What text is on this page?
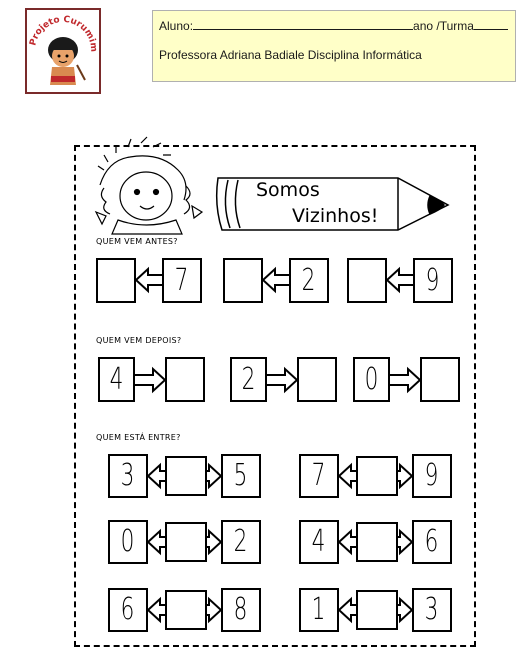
Projeto Curumim
Aluno:	ano /Turma
Professora Adriana Badiale Disciplina Informática
Somos
Vizinhos!
QUEM VEM ANTES?
QUEM VEM DEPOIS?
QUEM ESTÁ ENTRE?
7	2	9
4	2	0
3	5 7	9
0	2 4	6
6	8 1	3
